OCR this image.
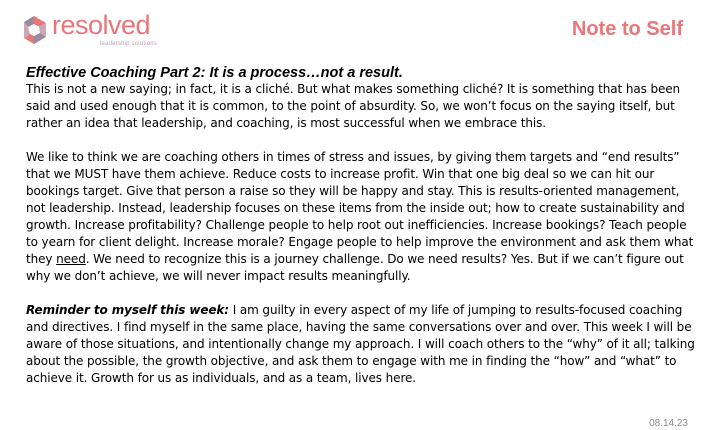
resolved
leadership solutions
Note to Self
Effective Coaching Part 2: It is a process…not a result.

This is not a new saying; in fact, it is a cliché. But what makes something cliché? It is something that has been said and used enough that it is common, to the point of absurdity. So, we won’t focus on the saying itself, but rather an idea that leadership, and coaching, is most successful when we embrace this.

We like to think we are coaching others in times of stress and issues, by giving them targets and “end results” that we MUST have them achieve. Reduce costs to increase profit. Win that one big deal so we can hit our bookings target. Give that person a raise so they will be happy and stay. This is results-oriented management, not leadership. Instead, leadership focuses on these items from the inside out; how to create sustainability and growth. Increase profitability? Challenge people to help root out inefficiencies. Increase bookings? Teach people to yearn for client delight. Increase morale? Engage people to help improve the environment and ask them what they need. We need to recognize this is a journey challenge. Do we need results? Yes. But if we can’t figure out why we don’t achieve, we will never impact results meaningfully.

Reminder to myself this week: I am guilty in every aspect of my life of jumping to results-focused coaching and directives. I find myself in the same place, having the same conversations over and over. This week I will be aware of those situations, and intentionally change my approach. I will coach others to the “why” of it all; talking about the possible, the growth objective, and ask them to engage with me in finding the “how” and “what” to achieve it. Growth for us as individuals, and as a team, lives here.

08.14.23
